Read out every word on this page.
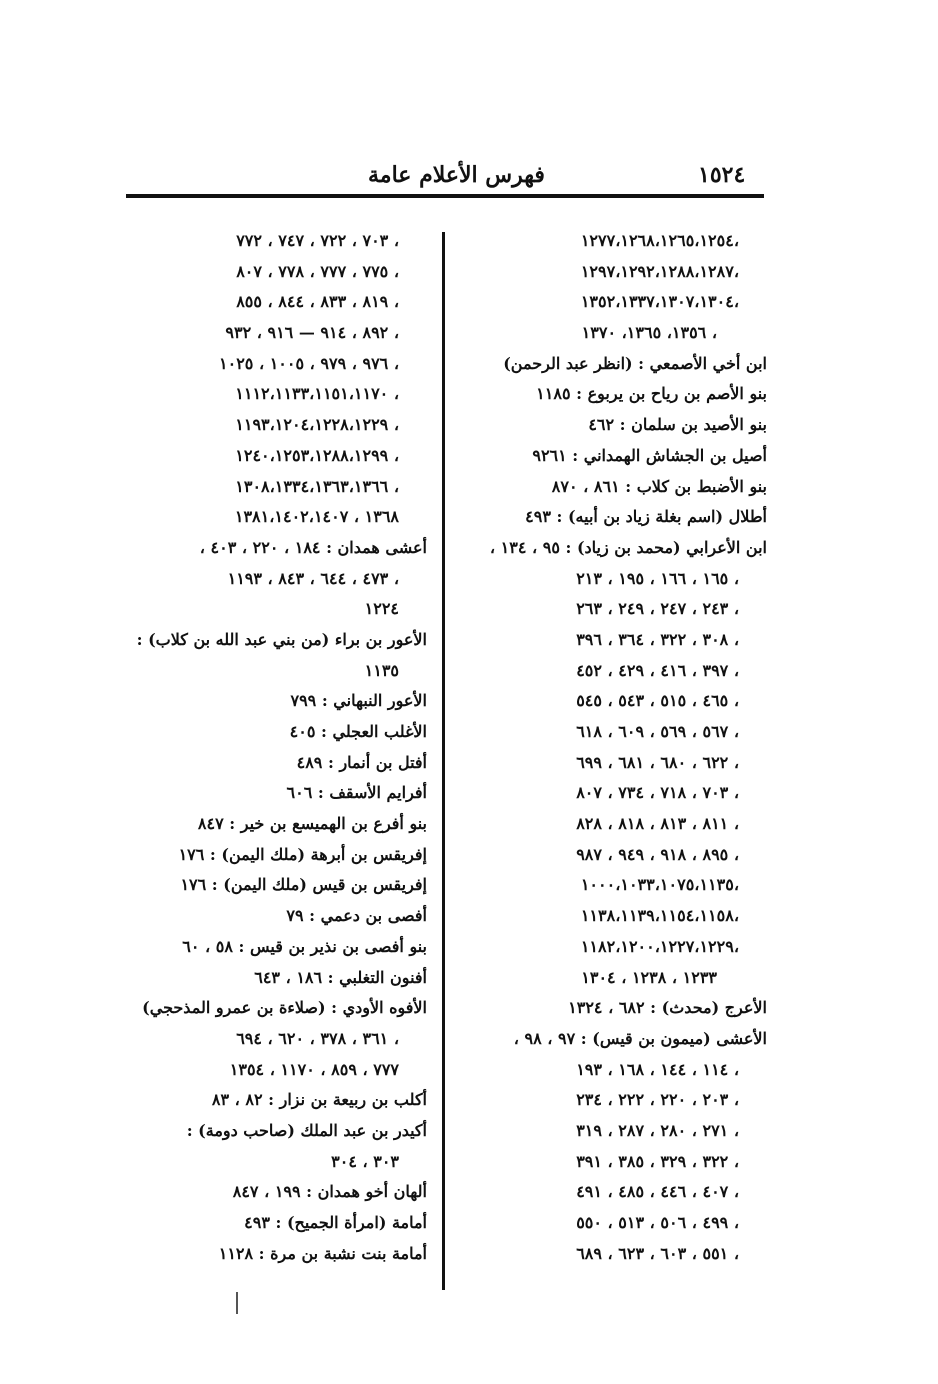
١٥٢٤
فهرس الأعلام عامة
١٢٧٧،١٢٦٨،١٢٦٥،١٢٥٤،
١٢٩٧،١٢٩٢،١٢٨٨،١٢٨٧،
١٣٥٢،١٣٣٧،١٣٠٧،١٣٠٤،
١٣٥٦، ١٣٦٥، ١٣٧٠ ،
ابن أخي الأصمعي : (انظر عبد الرحمن)
بنو الأصم بن رياح بن يربوع : ١١٨٥
بنو الأصيد بن سلمان : ٤٦٢
أصيل بن الجشاش الهمداني : ٩٢٦١
بنو الأضبط بن كلاب : ٨٦١ ، ٨٧٠
أطلال (اسم بغلة زياد بن أبيه) : ٤٩٣
ابن الأعرابي (محمد بن زياد) : ٩٥ ، ١٣٤ ،
١٦٥ ، ١٦٦ ، ١٩٥ ، ٢١٣ ،
٢٤٣ ، ٢٤٧ ، ٢٤٩ ، ٢٦٣ ،
٣٠٨ ، ٣٢٢ ، ٣٦٤ ، ٣٩٦ ،
٣٩٧ ، ٤١٦ ، ٤٢٩ ، ٤٥٢ ،
٤٦٥ ، ٥١٥ ، ٥٤٣ ، ٥٤٥ ،
٥٦٧ ، ٥٦٩ ، ٦٠٩ ، ٦١٨ ،
٦٢٢ ، ٦٨٠ ، ٦٨١ ، ٦٩٩ ،
٧٠٣ ، ٧١٨ ، ٧٣٤ ، ٨٠٧ ،
٨١١ ، ٨١٣ ، ٨١٨ ، ٨٢٨ ،
٨٩٥ ، ٩١٨ ، ٩٤٩ ، ٩٨٧ ،
١٠٠٠،١٠٣٣،١٠٧٥،١١٣٥،
١١٣٨،١١٣٩،١١٥٤،١١٥٨،
١١٨٢،١٢٠٠،١٢٢٧،١٢٢٩،
١٢٣٣ ، ١٢٣٨ ، ١٣٠٤
الأعرج (محدث) : ٦٨٢ ، ١٣٢٤
الأعشى (ميمون بن قيس) : ٩٧ ، ٩٨ ،
١١٤ ، ١٤٤ ، ١٦٨ ، ١٩٣ ،
٢٠٣ ، ٢٢٠ ، ٢٢٢ ، ٢٣٤ ،
٢٧١ ، ٢٨٠ ، ٢٨٧ ، ٣١٩ ،
٣٢٢ ، ٣٢٩ ، ٣٨٥ ، ٣٩١ ،
٤٠٧ ، ٤٤٦ ، ٤٨٥ ، ٤٩١ ،
٤٩٩ ، ٥٠٦ ، ٥١٣ ، ٥٥٠ ،
٥٥١ ، ٦٠٣ ، ٦٢٣ ، ٦٨٩ ،
٧٠٣ ، ٧٢٢ ، ٧٤٧ ، ٧٧٢ ،
٧٧٥ ، ٧٧٧ ، ٧٧٨ ، ٨٠٧ ،
٨١٩ ، ٨٣٣ ، ٨٤٤ ، ٨٥٥ ،
٨٩٢ ، ٩١٤ — ٩١٦ ، ٩٣٢ ،
٩٧٦ ، ٩٧٩ ، ١٠٠٥ ، ١٠٢٥ ،
١١١٢،١١٣٣،١١٥١،١١٧٠ ،
١١٩٣،١٢٠٤،١٢٢٨،١٢٢٩ ،
١٢٤٠،١٢٥٣،١٢٨٨،١٢٩٩ ،
١٣٠٨،١٣٣٤،١٣٦٣،١٣٦٦ ،
١٣٦٨ ، ١٣٨١،١٤٠٢،١٤٠٧
أعشى همدان : ١٨٤ ، ٢٢٠ ، ٤٠٣ ،
٤٧٣ ، ٦٤٤ ، ٨٤٣ ، ١١٩٣ ،
١٢٢٤
الأعور بن براء (من بني عبد الله بن كلاب) :
١١٣٥
الأعور النبهاني : ٧٩٩
الأغلب العجلي : ٤٠٥
أفتل بن أنمار : ٤٨٩
أفرايم الأسقف : ٦٠٦
بنو أفرع بن الهميسع بن خير : ٨٤٧
إفريقس بن أبرهة (ملك اليمن) : ١٧٦
إفريقس بن قيس (ملك اليمن) : ١٧٦
أفصى بن دعمي : ٧٩
بنو أفصى بن نذير بن قيس : ٥٨ ، ٦٠
أفنون التغلبي : ١٨٦ ، ٦٤٣
الأفوه الأودي : (صلاءة بن عمرو المذحجي)
٣٦١ ، ٣٧٨ ، ٦٢٠ ، ٦٩٤ ،
٧٧٧ ، ٨٥٩ ، ١١٧٠ ، ١٣٥٤
أكلب بن ربيعة بن نزار : ٨٢ ، ٨٣
أكيدر بن عبد الملك (صاحب دومة) :
٣٠٣ ، ٣٠٤
ألهان أخو همدان : ١٩٩ ، ٨٤٧
أمامة (امرأة الجميح) : ٤٩٣
أمامة بنت نشبة بن مرة : ١١٢٨
